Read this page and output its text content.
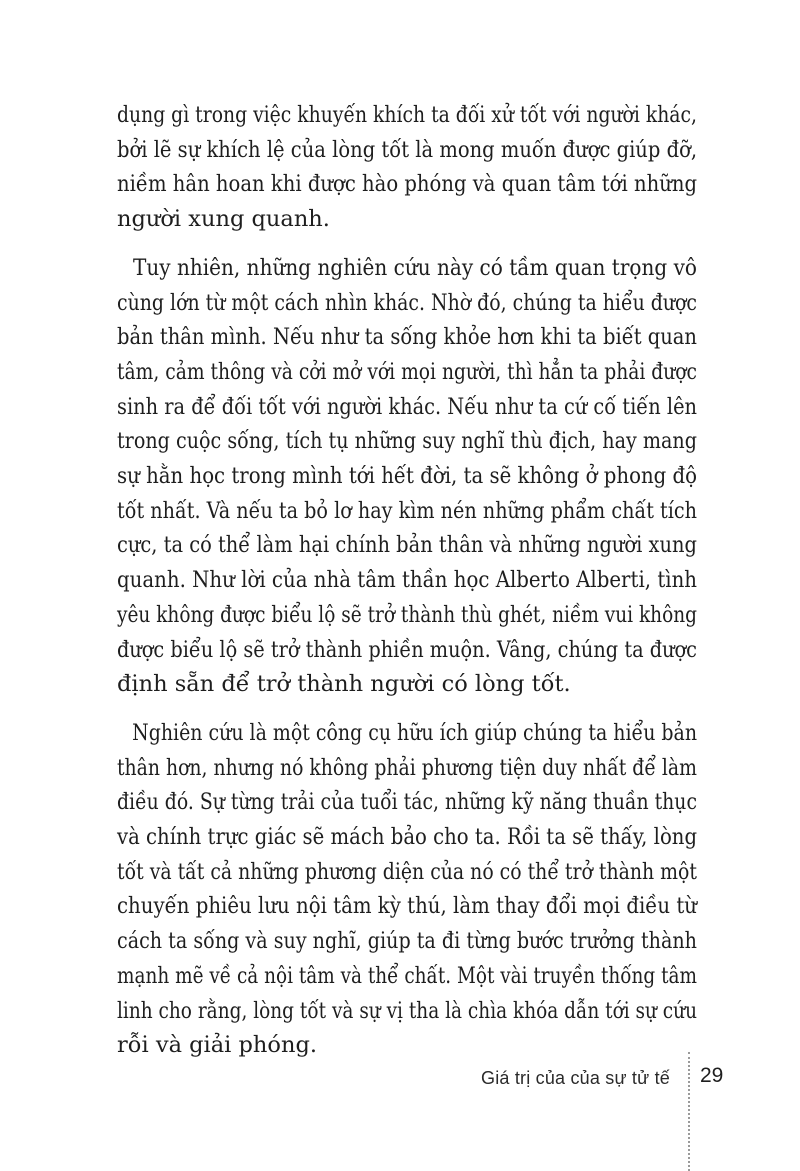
dụng gì trong việc khuyến khích ta đối xử tốt với người khác,
bởi lẽ sự khích lệ của lòng tốt là mong muốn được giúp đỡ,
niềm hân hoan khi được hào phóng và quan tâm tới những
người xung quanh.

Tuy nhiên, những nghiên cứu này có tầm quan trọng vô
cùng lớn từ một cách nhìn khác. Nhờ đó, chúng ta hiểu được
bản thân mình. Nếu như ta sống khỏe hơn khi ta biết quan
tâm, cảm thông và cởi mở với mọi người, thì hẳn ta phải được
sinh ra để đối tốt với người khác. Nếu như ta cứ cố tiến lên
trong cuộc sống, tích tụ những suy nghĩ thù địch, hay mang
sự hằn học trong mình tới hết đời, ta sẽ không ở phong độ
tốt nhất. Và nếu ta bỏ lơ hay kìm nén những phẩm chất tích
cực, ta có thể làm hại chính bản thân và những người xung
quanh. Như lời của nhà tâm thần học Alberto Alberti, tình
yêu không được biểu lộ sẽ trở thành thù ghét, niềm vui không
được biểu lộ sẽ trở thành phiền muộn. Vâng, chúng ta được
định sẵn để trở thành người có lòng tốt.

Nghiên cứu là một công cụ hữu ích giúp chúng ta hiểu bản
thân hơn, nhưng nó không phải phương tiện duy nhất để làm
điều đó. Sự từng trải của tuổi tác, những kỹ năng thuần thục
và chính trực giác sẽ mách bảo cho ta. Rồi ta sẽ thấy, lòng
tốt và tất cả những phương diện của nó có thể trở thành một
chuyến phiêu lưu nội tâm kỳ thú, làm thay đổi mọi điều từ
cách ta sống và suy nghĩ, giúp ta đi từng bước trưởng thành
mạnh mẽ về cả nội tâm và thể chất. Một vài truyền thống tâm
linh cho rằng, lòng tốt và sự vị tha là chìa khóa dẫn tới sự cứu
rỗi và giải phóng.

Giá trị của của sự tử tế 29
